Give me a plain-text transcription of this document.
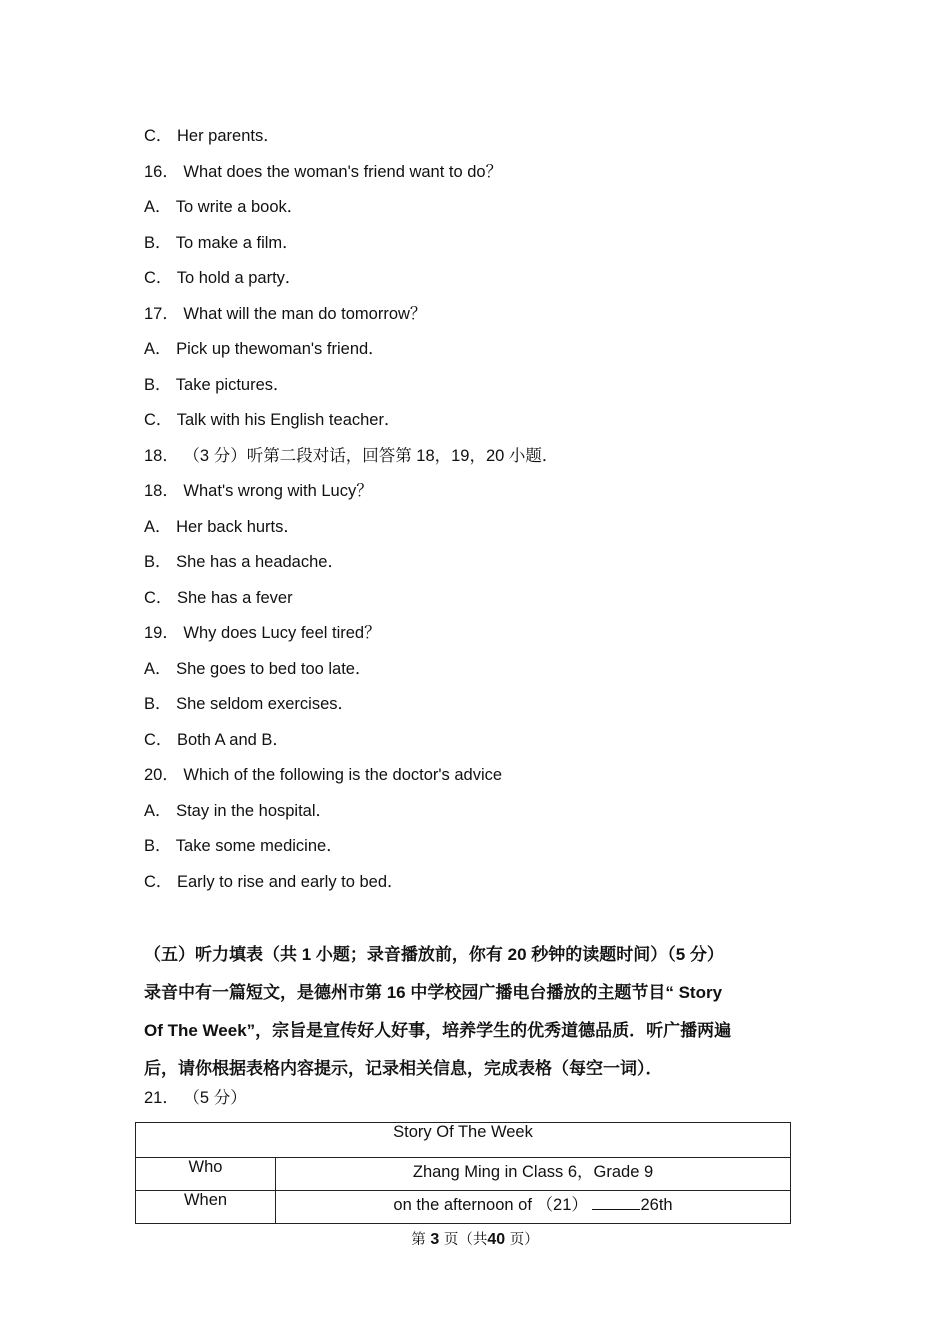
C． Her parents．
16． What does the woman's friend want to do？
A． To write a book．
B． To make a film．
C． To hold a party．
17． What will the man do tomorrow？
A． Pick up thewoman's friend．
B． Take pictures．
C． Talk with his English teacher．
18． （3 分）听第二段对话，回答第 18，19，20 小题．
18． What's wrong with Lucy？
A． Her back hurts．
B． She has a headache．
C． She has a fever
19． Why does Lucy feel tired？
A． She goes to bed too late．
B． She seldom exercises．
C． Both A and B．
20． Which of the following is the doctor's advice
A． Stay in the hospital．
B． Take some medicine．
C． Early to rise and early to bed．

（五）听力填表（共 1 小题；录音播放前，你有 20 秒钟的读题时间）（5 分）

录音中有一篇短文，是德州市第 16 中学校园广播电台播放的主题节目“ Story

Of The Week”，宗旨是宣传好人好事，培养学生的优秀道德品质．听广播两遍

后，请你根据表格内容提示，记录相关信息，完成表格（每空一词）．

21． （5 分）
Story Of The Week	
Who	Zhang Ming in Class 6，Grade 9
When	on the afternoon of （21） 26th
第 3 页（共40 页）
